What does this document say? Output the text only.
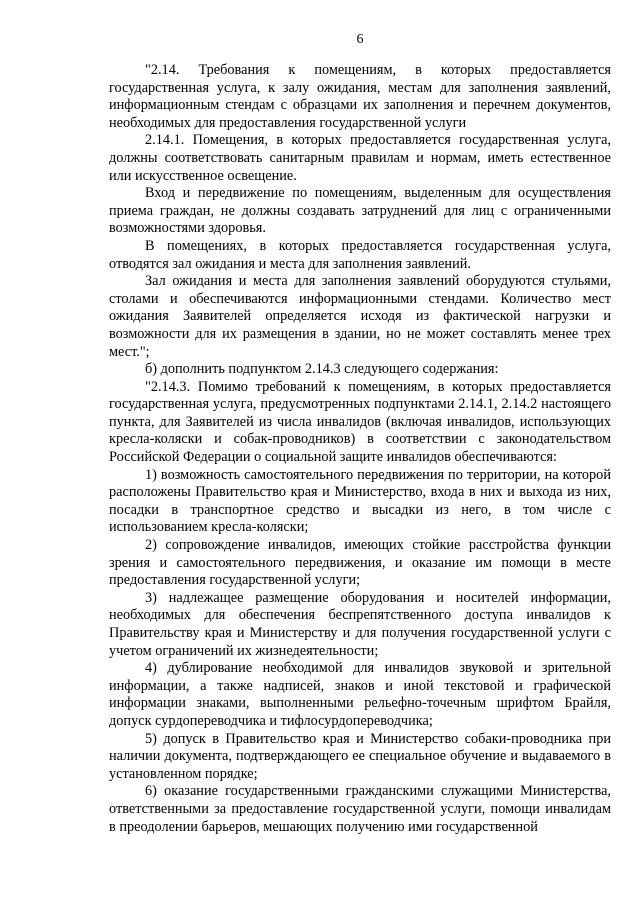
6

"2.14. Требования к помещениям, в которых предоставляется государственная услуга, к залу ожидания, местам для заполнения заявлений, информационным стендам с образцами их заполнения и перечнем документов, необходимых для предоставления государственной услуги

2.14.1. Помещения, в которых предоставляется государственная услуга, должны соответствовать санитарным правилам и нормам, иметь естественное или искусственное освещение.

Вход и передвижение по помещениям, выделенным для осуществления приема граждан, не должны создавать затруднений для лиц с ограниченными возможностями здоровья.

В помещениях, в которых предоставляется государственная услуга, отводятся зал ожидания и места для заполнения заявлений.

Зал ожидания и места для заполнения заявлений оборудуются стульями, столами и обеспечиваются информационными стендами. Количество мест ожидания Заявителей определяется исходя из фактической нагрузки и возможности для их размещения в здании, но не может составлять менее трех мест.";

б) дополнить подпунктом 2.14.3 следующего содержания:

"2.14.3. Помимо требований к помещениям, в которых предоставляется государственная услуга, предусмотренных подпунктами 2.14.1, 2.14.2 настоящего пункта, для Заявителей из числа инвалидов (включая инвалидов, использующих кресла-коляски и собак-проводников) в соответствии с законодательством Российской Федерации о социальной защите инвалидов обеспечиваются:

1) возможность самостоятельного передвижения по территории, на которой расположены Правительство края и Министерство, входа в них и выхода из них, посадки в транспортное средство и высадки из него, в том числе с использованием кресла-коляски;

2) сопровождение инвалидов, имеющих стойкие расстройства функции зрения и самостоятельного передвижения, и оказание им помощи в месте предоставления государственной услуги;

3) надлежащее размещение оборудования и носителей информации, необходимых для обеспечения беспрепятственного доступа инвалидов к Правительству края и Министерству и для получения государственной услуги с учетом ограничений их жизнедеятельности;

4) дублирование необходимой для инвалидов звуковой и зрительной информации, а также надписей, знаков и иной текстовой и графической информации знаками, выполненными рельефно-точечным шрифтом Брайля, допуск сурдопереводчика и тифлосурдопереводчика;

5) допуск в Правительство края и Министерство собаки-проводника при наличии документа, подтверждающего ее специальное обучение и выдаваемого в установленном порядке;

6) оказание государственными гражданскими служащими Министерства, ответственными за предоставление государственной услуги, помощи инвалидам в преодолении барьеров, мешающих получению ими государственной
